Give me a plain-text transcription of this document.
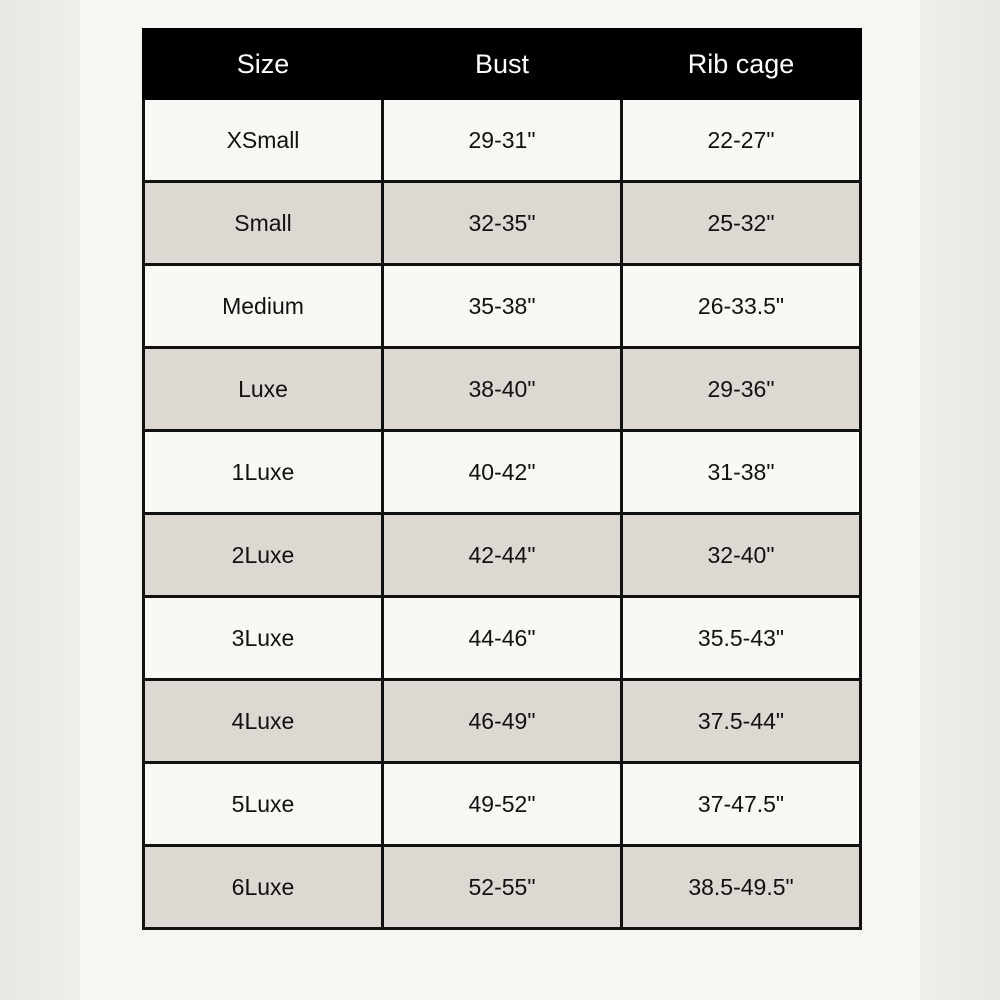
Size	Bust	Rib cage
XSmall	29-31"	22-27"
Small	32-35"	25-32"
Medium	35-38"	26-33.5"
Luxe	38-40"	29-36"
1Luxe	40-42"	31-38"
2Luxe	42-44"	32-40"
3Luxe	44-46"	35.5-43"
4Luxe	46-49"	37.5-44"
5Luxe	49-52"	37-47.5"
6Luxe	52-55"	38.5-49.5"
